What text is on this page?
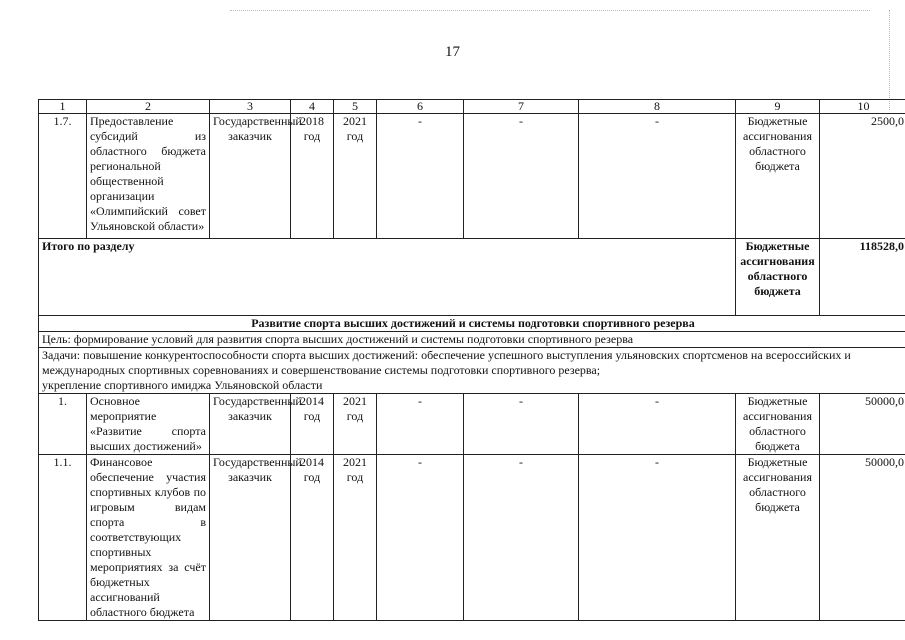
17
1	2	3	4	5	6	7	8	9	10
1.7.	Предоставление субсидий из областного бюджета региональной общественной организации «Олимпийский совет Ульяновской области»	Государственный заказчик	2018 год	2021 год	-	-	-	Бюджетные ассигнования областного бюджета	2500,0
Итого по разделу								Бюджетные ассигнования областного бюджета	118528,0
Развитие спорта высших достижений и системы подготовки спортивного резерва									
Цель: формирование условий для развития спорта высших достижений и системы подготовки спортивного резерва									

Задачи: повышение конкурентоспособности спорта высших достижений: обеспечение успешного выступления ульяновских спортсменов на всероссийских и международных спортивных соревнованиях и совершенствование системы подготовки спортивного резерва;
укрепление спортивного имиджа Ульяновской области									

1.	Основное мероприятие «Развитие спорта высших достижений»	Государственный заказчик	2014 год	2021 год	-	-	-	Бюджетные ассигнования областного бюджета	50000,0
1.1.	Финансовое обеспечение участия спортивных клубов по игровым видам спорта в соответствующих спортивных мероприятиях за счёт бюджетных ассигнований областного бюджета	Государственный заказчик	2014 год	2021 год	-	-	-	Бюджетные ассигнования областного бюджета	50000,0
